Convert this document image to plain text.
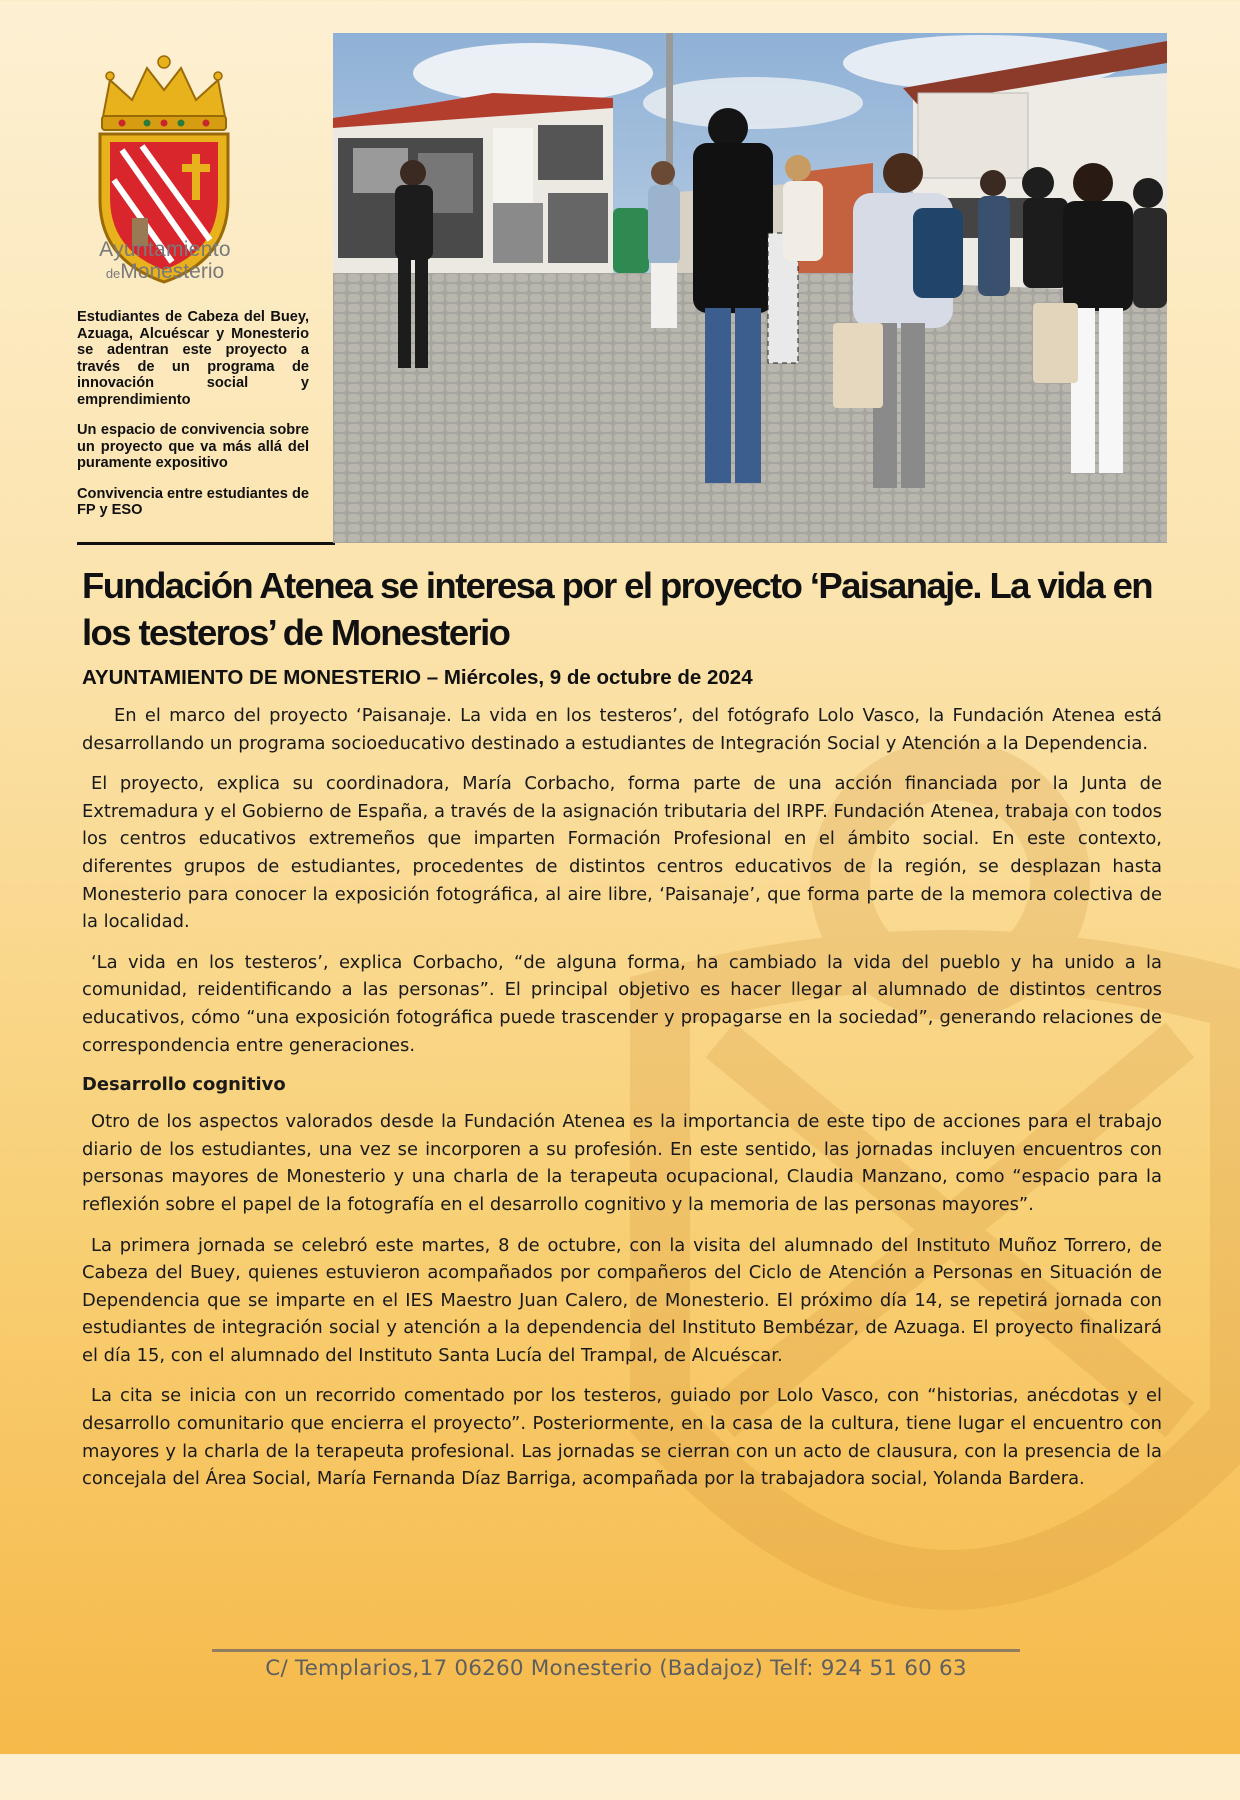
Ayuntamiento
deMonesterio

Estudiantes de Cabeza del Buey, Azuaga, Alcuéscar y Monesterio se adentran este proyecto a través de un programa de innovación social y emprendimiento

Un espacio de convivencia sobre un proyecto que va más allá del puramente expositivo

Convivencia entre estudiantes de FP y ESO

Fundación Atenea se interesa por el proyecto ‘Paisanaje. La vida en los testeros’ de Monesterio

AYUNTAMIENTO DE MONESTERIO – Miércoles, 9 de octubre de 2024

En el marco del proyecto ‘Paisanaje. La vida en los testeros’, del fotógrafo Lolo Vasco, la Fundación Atenea está desarrollando un programa socioeducativo destinado a estudiantes de Integración Social y Atención a la Dependencia.

El proyecto, explica su coordinadora, María Corbacho, forma parte de una acción financiada por la Junta de Extremadura y el Gobierno de España, a través de la asignación tributaria del IRPF. Fundación Atenea, trabaja con todos los centros educativos extremeños que imparten Formación Profesional en el ámbito social. En este contexto, diferentes grupos de estudiantes, procedentes de distintos centros educativos de la región, se desplazan hasta Monesterio para conocer la exposición fotográfica, al aire libre, ‘Paisanaje’, que forma parte de la memora colectiva de la localidad.

‘La vida en los testeros’, explica Corbacho, “de alguna forma, ha cambiado la vida del pueblo y ha unido a la comunidad, reidentificando a las personas”. El principal objetivo es hacer llegar al alumnado de distintos centros educativos, cómo “una exposición fotográfica puede trascender y propagarse en la sociedad”, generando relaciones de correspondencia entre generaciones.

Desarrollo cognitivo

Otro de los aspectos valorados desde la Fundación Atenea es la importancia de este tipo de acciones para el trabajo diario de los estudiantes, una vez se incorporen a su profesión. En este sentido, las jornadas incluyen encuentros con personas mayores de Monesterio y una charla de la terapeuta ocupacional, Claudia Manzano, como “espacio para la reflexión sobre el papel de la fotografía en el desarrollo cognitivo y la memoria de las personas mayores”.

La primera jornada se celebró este martes, 8 de octubre, con la visita del alumnado del Instituto Muñoz Torrero, de Cabeza del Buey, quienes estuvieron acompañados por compañeros del Ciclo de Atención a Personas en Situación de Dependencia que se imparte en el IES Maestro Juan Calero, de Monesterio. El próximo día 14, se repetirá jornada con estudiantes de integración social y atención a la dependencia del Instituto Bembézar, de Azuaga. El proyecto finalizará el día 15, con el alumnado del Instituto Santa Lucía del Trampal, de Alcuéscar.

La cita se inicia con un recorrido comentado por los testeros, guiado por Lolo Vasco, con “historias, anécdotas y el desarrollo comunitario que encierra el proyecto”. Posteriormente, en la casa de la cultura, tiene lugar el encuentro con mayores y la charla de la terapeuta profesional. Las jornadas se cierran con un acto de clausura, con la presencia de la concejala del Área Social, María Fernanda Díaz Barriga, acompañada por la trabajadora social, Yolanda Bardera.

C/ Templarios,17 06260 Monesterio (Badajoz) Telf: 924 51 60 63
